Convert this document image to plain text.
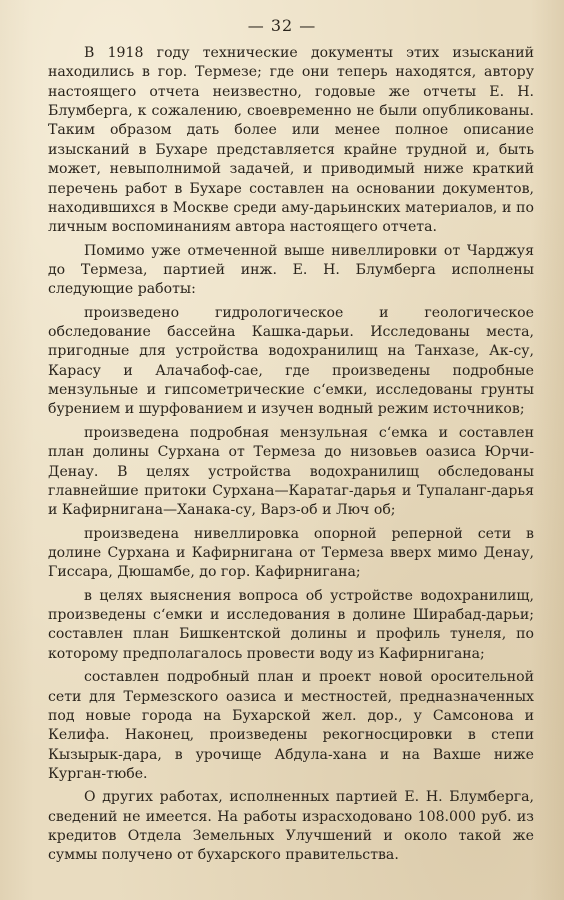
— 32 —

В 1918 году технические документы этих изысканий находились в гор. Термезе; где они теперь находятся, автору настоящего отчета неизвестно, годовые же отчеты Е. Н. Блумберга, к сожалению, своевременно не были опубликованы. Таким образом дать более или менее полное описание изысканий в Бухаре представляется крайне трудной и, быть может, невыполнимой задачей, и приводимый ниже краткий перечень работ в Бухаре составлен на основании документов, находившихся в Москве среди аму-дарьинских материалов, и по личным воспоминаниям автора настоящего отчета.

Помимо уже отмеченной выше нивеллировки от Чарджуя до Термеза, партией инж. Е. Н. Блумберга исполнены следующие работы:

произведено гидрологическое и геологическое обследование бассейна Кашка-дарьи. Исследованы места, пригодные для устройства водохранилищ на Танхазе, Ак-су, Карасу и Алачабоф-сае, где произведены подробные мензульные и гипсометрические с‘емки, исследованы грунты бурением и шурфованием и изучен водный режим источников;

произведена подробная мензульная с‘емка и составлен план долины Сурхана от Термеза до низовьев оазиса Юрчи-Денау. В целях устройства водохранилищ обследованы главнейшие притоки Сурхана—Каратаг-дарья и Тупаланг-дарья и Кафирнигана—Ханака-су, Варз-об и Люч об;

произведена нивеллировка опорной реперной сети в долине Сурхана и Кафирнигана от Термеза вверх мимо Денау, Гиссара, Дюшамбе, до гор. Кафирнигана;

в целях выяснения вопроса об устройстве водохранилищ, произведены с‘емки и исследования в долине Ширабад-дарьи; составлен план Бишкентской долины и профиль тунеля, по которому предполагалось провести воду из Кафирнигана;

составлен подробный план и проект новой оросительной сети для Термезского оазиса и местностей, предназначенных под новые города на Бухарской жел. дор., у Самсонова и Келифа. Наконец, произведены рекогносцировки в степи Кызырык-дара, в урочище Абдула-хана и на Вахше ниже Курган-тюбе.

О других работах, исполненных партией Е. Н. Блумберга, сведений не имеется. На работы израсходовано 108.000 руб. из кредитов Отдела Земельных Улучшений и около такой же суммы получено от бухарского правительства.
